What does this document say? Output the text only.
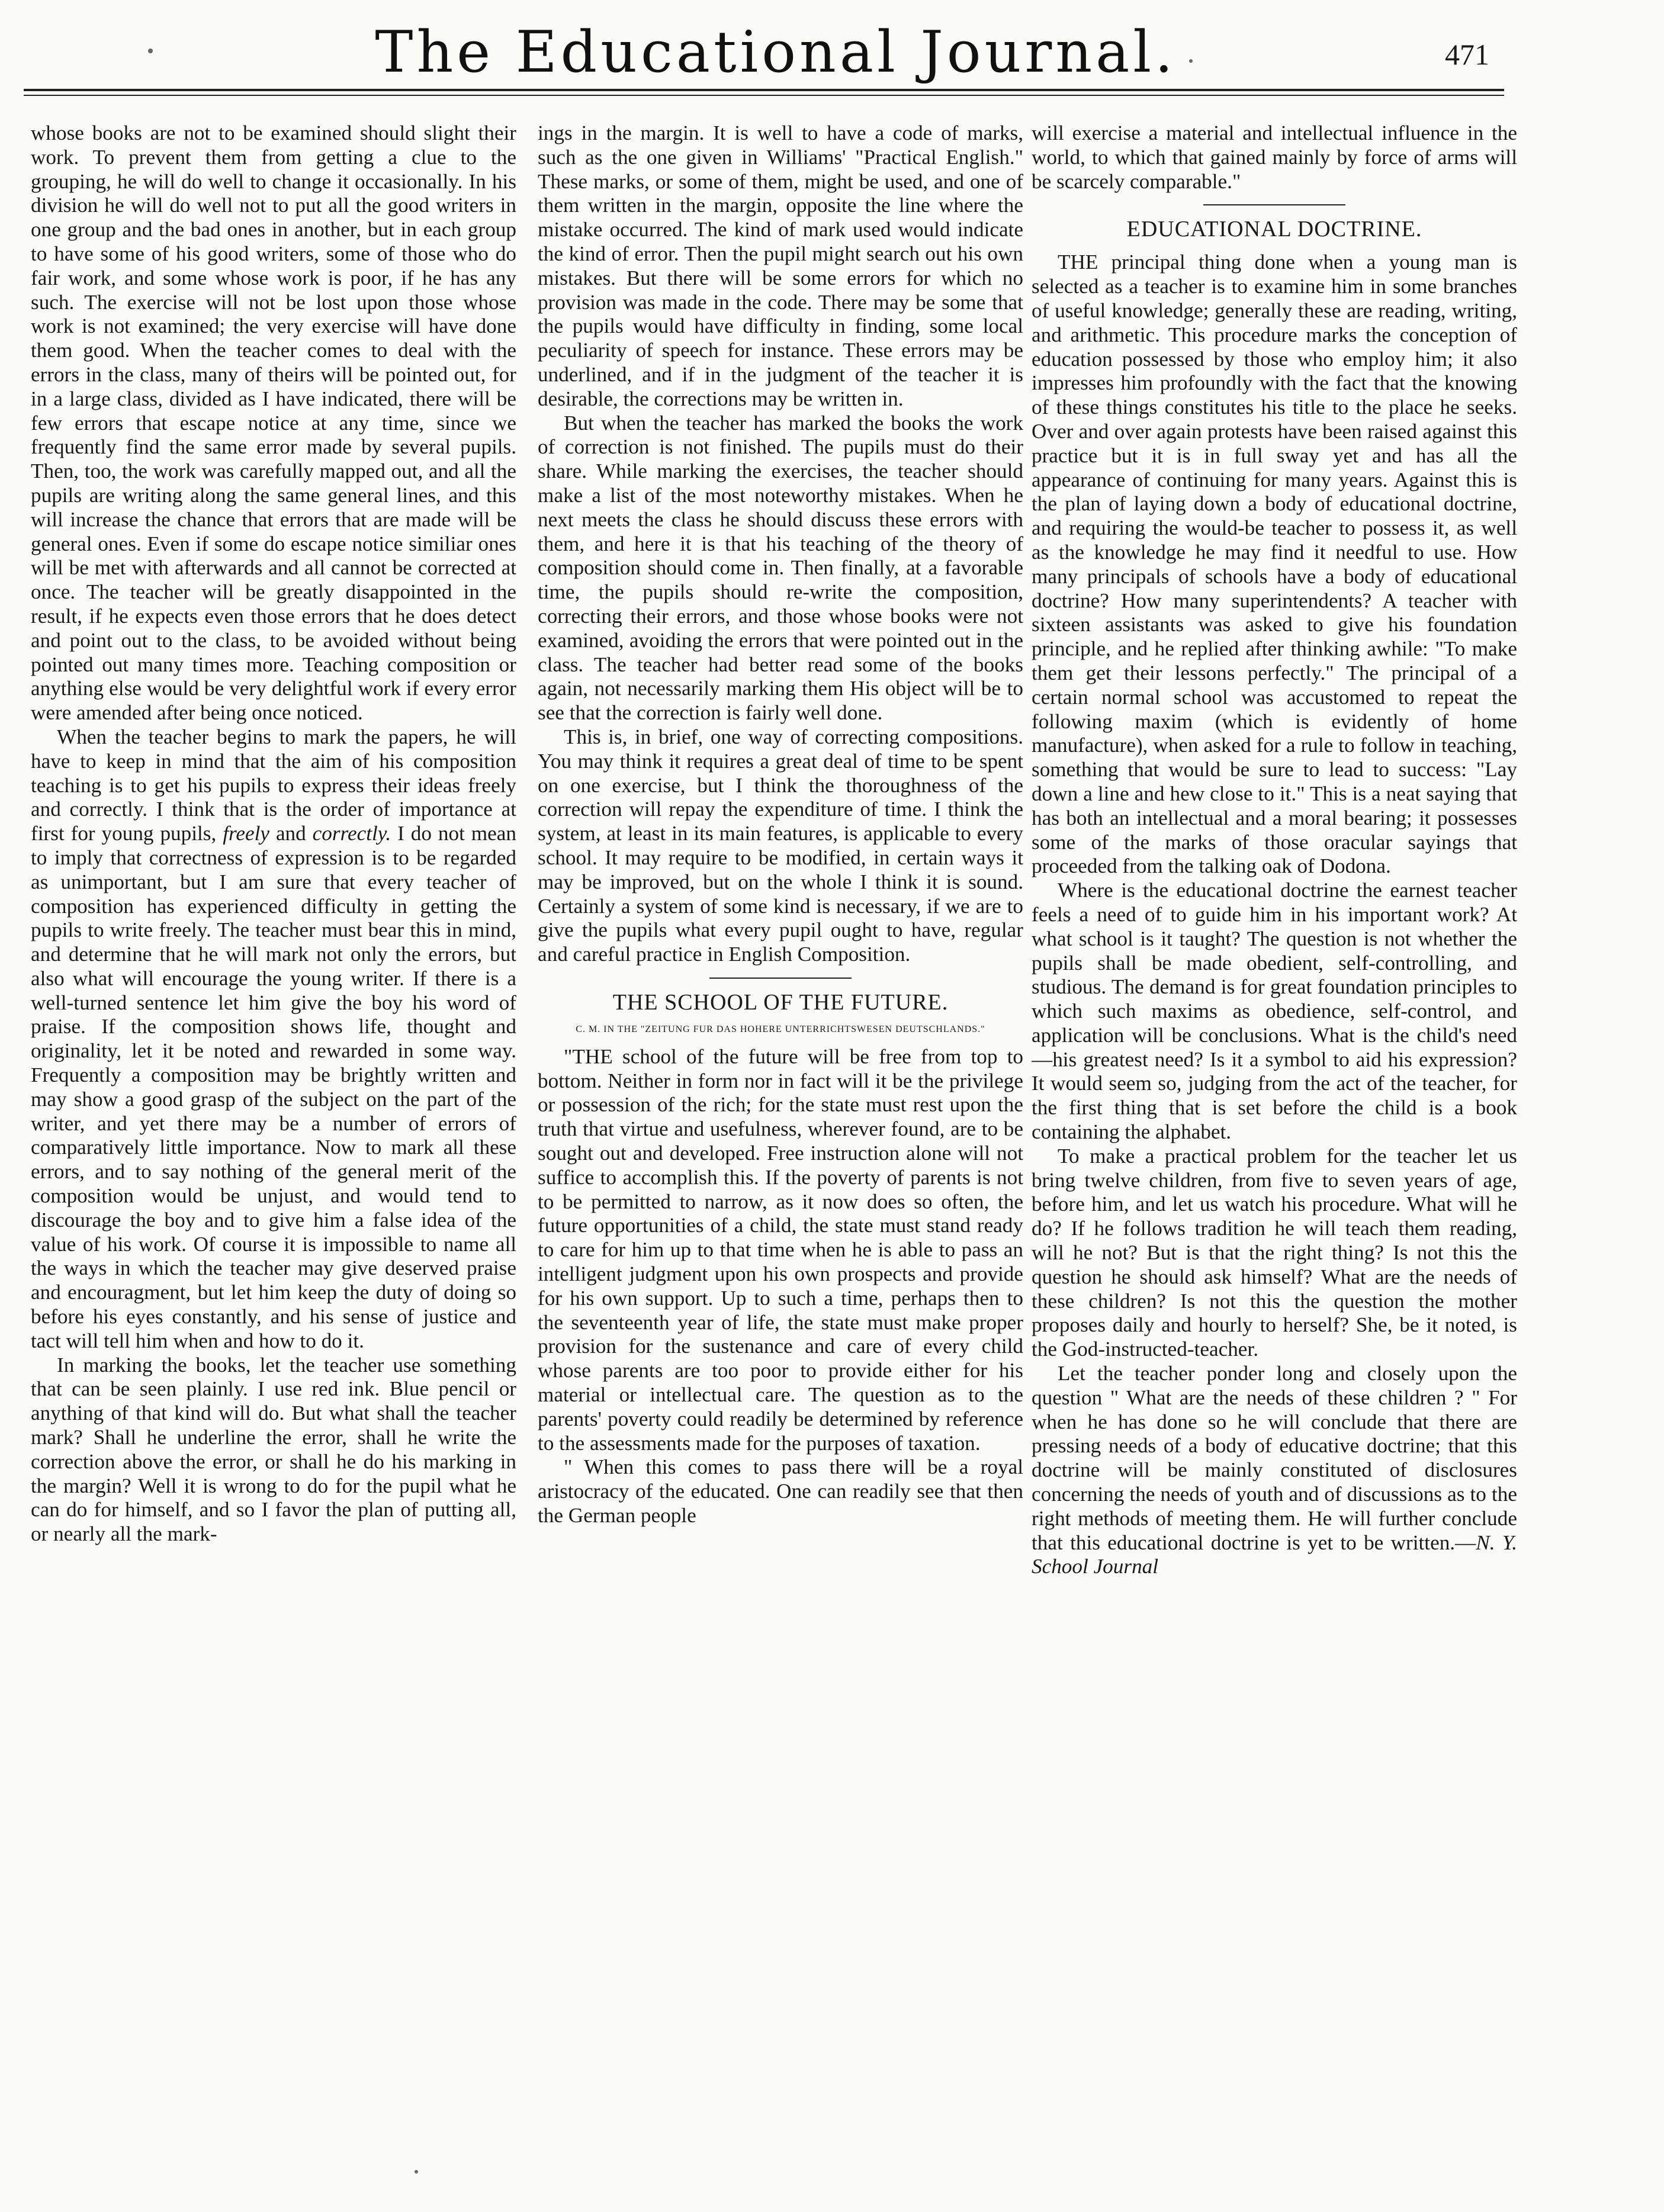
The Educational Journal.	471

whose books are not to be examined should slight their work. To prevent them from getting a clue to the grouping, he will do well to change it occasionally. In his division he will do well not to put all the good writers in one group and the bad ones in another, but in each group to have some of his good writers, some of those who do fair work, and some whose work is poor, if he has any such. The exercise will not be lost upon those whose work is not examined; the very exercise will have done them good. When the teacher comes to deal with the errors in the class, many of theirs will be pointed out, for in a large class, divided as I have indicated, there will be few errors that escape notice at any time, since we frequently find the same error made by several pupils. Then, too, the work was carefully mapped out, and all the pupils are writing along the same general lines, and this will increase the chance that errors that are made will be general ones. Even if some do escape notice similiar ones will be met with afterwards and all cannot be corrected at once. The teacher will be greatly disappointed in the result, if he expects even those errors that he does detect and point out to the class, to be avoided without being pointed out many times more. Teaching composition or anything else would be very delightful work if every error were amended after being once noticed.

When the teacher begins to mark the papers, he will have to keep in mind that the aim of his composition teaching is to get his pupils to express their ideas freely and correctly. I think that is the order of importance at first for young pupils, freely and correctly. I do not mean to imply that correctness of expression is to be regarded as unimportant, but I am sure that every teacher of composition has experienced difficulty in getting the pupils to write freely. The teacher must bear this in mind, and determine that he will mark not only the errors, but also what will encourage the young writer. If there is a well-turned sentence let him give the boy his word of praise. If the composition shows life, thought and originality, let it be noted and rewarded in some way. Frequently a composition may be brightly written and may show a good grasp of the subject on the part of the writer, and yet there may be a number of errors of comparatively little importance. Now to mark all these errors, and to say nothing of the general merit of the composition would be unjust, and would tend to discourage the boy and to give him a false idea of the value of his work. Of course it is impossible to name all the ways in which the teacher may give deserved praise and encouragment, but let him keep the duty of doing so before his eyes constantly, and his sense of justice and tact will tell him when and how to do it.

In marking the books, let the teacher use something that can be seen plainly. I use red ink. Blue pencil or anything of that kind will do. But what shall the teacher mark? Shall he underline the error, shall he write the correction above the error, or shall he do his marking in the margin? Well it is wrong to do for the pupil what he can do for himself, and so I favor the plan of putting all, or nearly all the mark-

ings in the margin. It is well to have a code of marks, such as the one given in Williams' "Practical English." These marks, or some of them, might be used, and one of them written in the margin, opposite the line where the mistake occurred. The kind of mark used would indicate the kind of error. Then the pupil might search out his own mistakes. But there will be some errors for which no provision was made in the code. There may be some that the pupils would have difficulty in finding, some local peculiarity of speech for instance. These errors may be underlined, and if in the judgment of the teacher it is desirable, the corrections may be written in.

But when the teacher has marked the books the work of correction is not finished. The pupils must do their share. While marking the exercises, the teacher should make a list of the most noteworthy mistakes. When he next meets the class he should discuss these errors with them, and here it is that his teaching of the theory of composition should come in. Then finally, at a favorable time, the pupils should re-write the composition, correcting their errors, and those whose books were not examined, avoiding the errors that were pointed out in the class. The teacher had better read some of the books again, not necessarily marking them His object will be to see that the correction is fairly well done.

This is, in brief, one way of correcting compositions. You may think it requires a great deal of time to be spent on one exercise, but I think the thoroughness of the correction will repay the expenditure of time. I think the system, at least in its main features, is applicable to every school. It may require to be modified, in certain ways it may be improved, but on the whole I think it is sound. Certainly a system of some kind is necessary, if we are to give the pupils what every pupil ought to have, regular and careful practice in English Composition.

THE SCHOOL OF THE FUTURE.
C. M. IN THE "ZEITUNG FUR DAS HOHERE UNTERRICHTSWESEN DEUTSCHLANDS."

"THE school of the future will be free from top to bottom. Neither in form nor in fact will it be the privilege or possession of the rich; for the state must rest upon the truth that virtue and usefulness, wherever found, are to be sought out and developed. Free instruction alone will not suffice to accomplish this. If the poverty of parents is not to be permitted to narrow, as it now does so often, the future opportunities of a child, the state must stand ready to care for him up to that time when he is able to pass an intelligent judgment upon his own prospects and provide for his own support. Up to such a time, perhaps then to the seventeenth year of life, the state must make proper provision for the sustenance and care of every child whose parents are too poor to provide either for his material or intellectual care. The question as to the parents' poverty could readily be determined by reference to the assessments made for the purposes of taxation.

" When this comes to pass there will be a royal aristocracy of the educated. One can readily see that then the German people

will exercise a material and intellectual influence in the world, to which that gained mainly by force of arms will be scarcely comparable."

EDUCATIONAL DOCTRINE.

THE principal thing done when a young man is selected as a teacher is to examine him in some branches of useful knowledge; generally these are reading, writing, and arithmetic. This procedure marks the conception of education possessed by those who employ him; it also impresses him profoundly with the fact that the knowing of these things constitutes his title to the place he seeks. Over and over again protests have been raised against this practice but it is in full sway yet and has all the appearance of continuing for many years. Against this is the plan of laying down a body of educational doctrine, and requiring the would-be teacher to possess it, as well as the knowledge he may find it needful to use. How many principals of schools have a body of educational doctrine? How many superintendents? A teacher with sixteen assistants was asked to give his foundation principle, and he replied after thinking awhile: "To make them get their lessons perfectly." The principal of a certain normal school was accustomed to repeat the following maxim (which is evidently of home manufacture), when asked for a rule to follow in teaching, something that would be sure to lead to success: "Lay down a line and hew close to it." This is a neat saying that has both an intellectual and a moral bearing; it possesses some of the marks of those oracular sayings that proceeded from the talking oak of Dodona.

Where is the educational doctrine the earnest teacher feels a need of to guide him in his important work? At what school is it taught? The question is not whether the pupils shall be made obedient, self-controlling, and studious. The demand is for great foundation principles to which such maxims as obedience, self-control, and application will be conclusions. What is the child's need—his greatest need? Is it a symbol to aid his expression? It would seem so, judging from the act of the teacher, for the first thing that is set before the child is a book containing the alphabet.

To make a practical problem for the teacher let us bring twelve children, from five to seven years of age, before him, and let us watch his procedure. What will he do? If he follows tradition he will teach them reading, will he not? But is that the right thing? Is not this the question he should ask himself? What are the needs of these children? Is not this the question the mother proposes daily and hourly to herself? She, be it noted, is the God-instructed-teacher.

Let the teacher ponder long and closely upon the question " What are the needs of these children ? " For when he has done so he will conclude that there are pressing needs of a body of educative doctrine; that this doctrine will be mainly constituted of disclosures concerning the needs of youth and of discussions as to the right methods of meeting them. He will further conclude that this educational doctrine is yet to be written.—N. Y. School Journal
